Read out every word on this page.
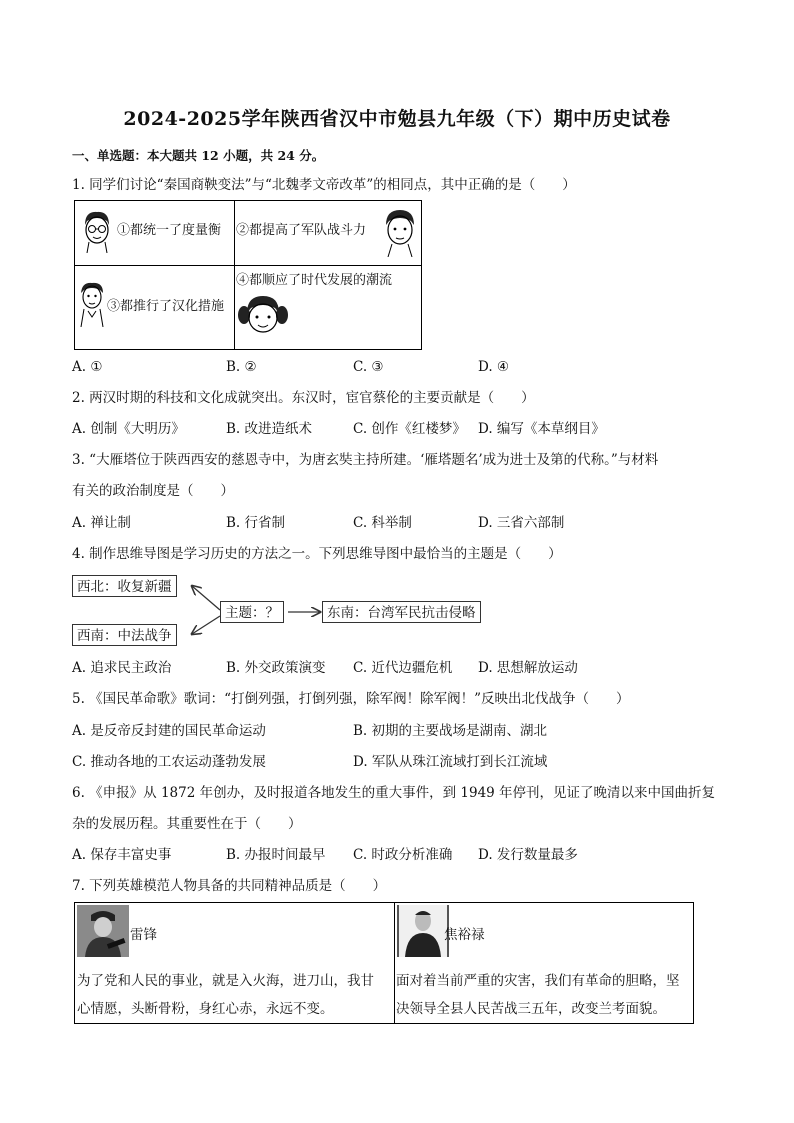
2024-2025学年陕西省汉中市勉县九年级（下）期中历史试卷
一、单选题：本大题共 12 小题，共 24 分。
1. 同学们讨论“秦国商鞅变法”与“北魏孝文帝改革”的相同点，其中正确的是（　　）
①都统一了度量衡 ②都提高了军队战斗力
③都推行了汉化措施
④都顺应了时代发展的潮流
A. ①	B. ②	C. ③	D. ④
2. 两汉时期的科技和文化成就突出。东汉时，宦官蔡伦的主要贡献是（　　）
A. 创制《大明历》	B. 改进造纸术	C. 创作《红楼梦》 D. 编写《本草纲目》
3. “大雁塔位于陕西西安的慈恩寺中，为唐玄奘主持所建。‘雁塔题名’成为进士及第的代称。”与材料
有关的政治制度是（　　）
A. 禅让制	B. 行省制	C. 科举制	D. 三省六部制
4. 制作思维导图是学习历史的方法之一。下列思维导图中最恰当的主题是（　　）
西北：收复新疆
西南：中法战争
主题：？	东南：台湾军民抗击侵略
A. 追求民主政治	B. 外交政策演变 C. 近代边疆危机 D. 思想解放运动
5. 《国民革命歌》歌词：“打倒列强，打倒列强，除军阀！除军阀！”反映出北伐战争（　　）
A. 是反帝反封建的国民革命运动	B. 初期的主要战场是湖南、湖北
C. 推动各地的工农运动蓬勃发展	D. 军队从珠江流域打到长江流域
6. 《申报》从 1872 年创办，及时报道各地发生的重大事件，到 1949 年停刊，见证了晚清以来中国曲折复
杂的发展历程。其重要性在于（　　）
A. 保存丰富史事	B. 办报时间最早 C. 时政分析准确 D. 发行数量最多
7. 下列英雄模范人物具备的共同精神品质是（　　）
雷锋
为了党和人民的事业，就是入火海，进刀山，我甘
心情愿，头断骨粉，身红心赤，永远不变。
焦裕禄
面对着当前严重的灾害，我们有革命的胆略，坚
决领导全县人民苦战三五年，改变兰考面貌。
